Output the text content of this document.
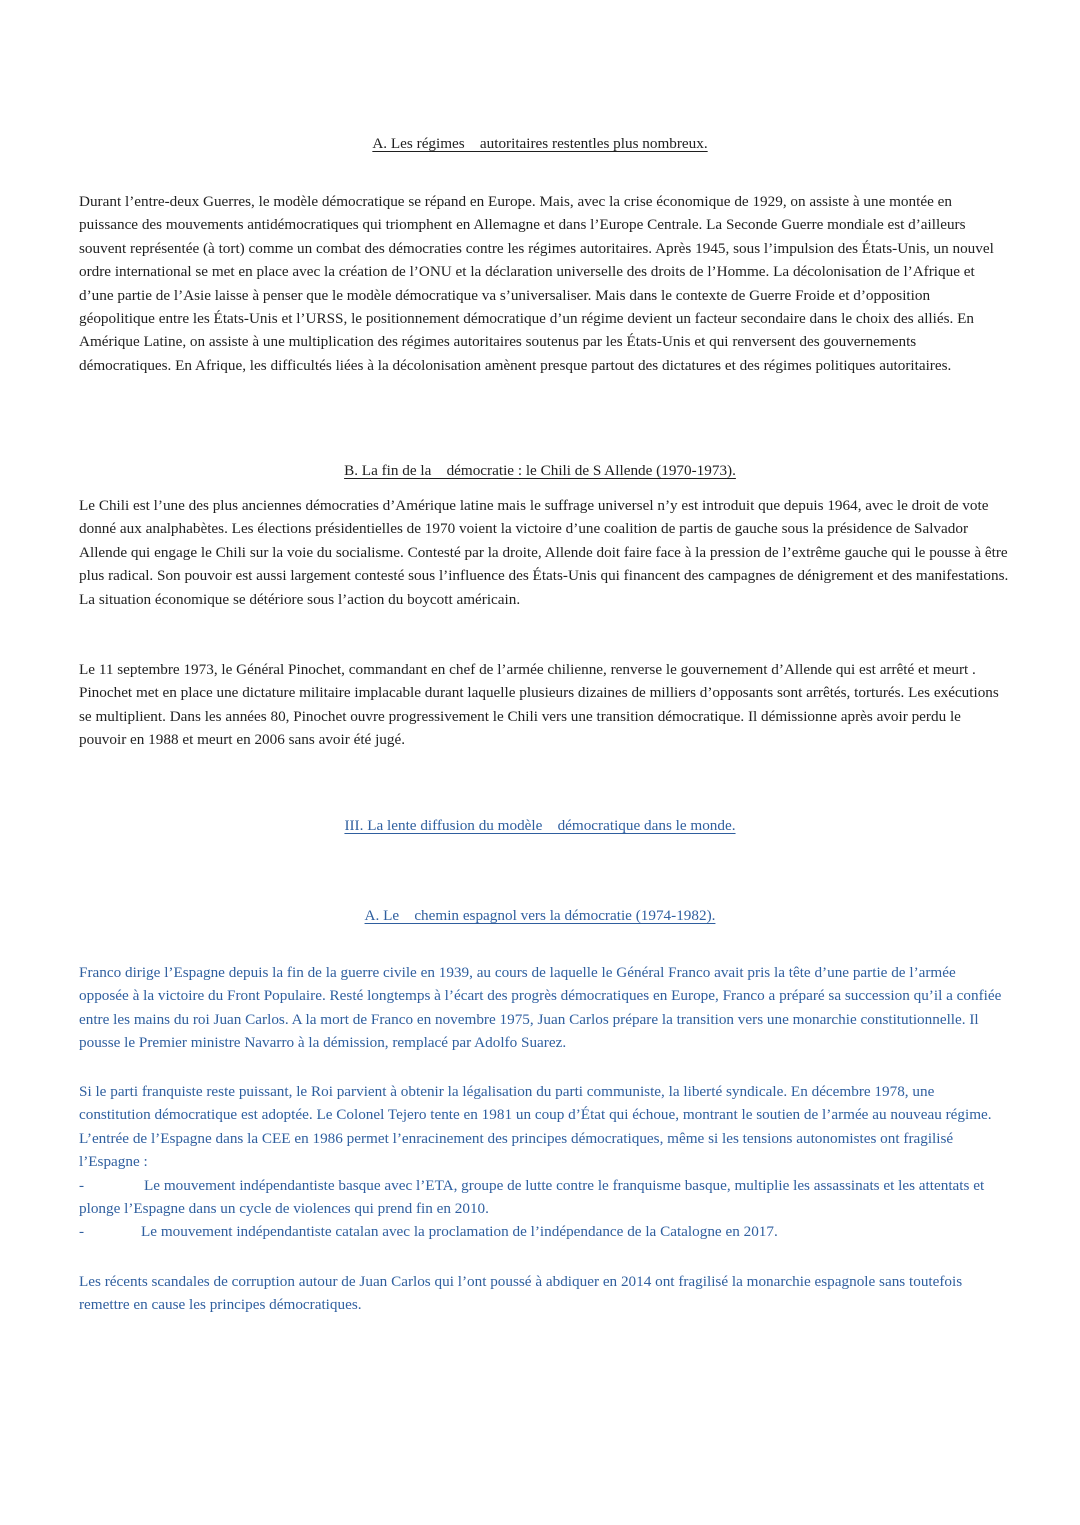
A. Les régimes    autoritaires restentles plus nombreux.

Durant l’entre-deux Guerres, le modèle démocratique se répand en Europe. Mais, avec la crise économique de 1929, on assiste à une montée en puissance des mouvements antidémocratiques qui triomphent en Allemagne et dans l’Europe Centrale. La Seconde Guerre mondiale est d’ailleurs souvent représentée (à tort) comme un combat des démocraties contre les régimes autoritaires. Après 1945, sous l’impulsion des États-Unis, un nouvel ordre international se met en place avec la création de l’ONU et la déclaration universelle des droits de l’Homme. La décolonisation de l’Afrique et d’une partie de l’Asie laisse à penser que le modèle démocratique va s’universaliser. Mais dans le contexte de Guerre Froide et d’opposition géopolitique entre les États-Unis et l’URSS, le positionnement démocratique d’un régime devient un facteur secondaire dans le choix des alliés. En Amérique Latine, on assiste à une multiplication des régimes autoritaires soutenus par les États-Unis et qui renversent des gouvernements démocratiques. En Afrique, les difficultés liées à la décolonisation amènent presque partout des dictatures et des régimes politiques autoritaires.

B. La fin de la    démocratie : le Chili de S Allende (1970-1973).

Le Chili est l’une des plus anciennes démocraties d’Amérique latine mais le suffrage universel n’y est introduit que depuis 1964, avec le droit de vote donné aux analphabètes. Les élections présidentielles de 1970 voient la victoire d’une coalition de partis de gauche sous la présidence de Salvador Allende qui engage le Chili sur la voie du socialisme. Contesté par la droite, Allende doit faire face à la pression de l’extrême gauche qui le pousse à être plus radical. Son pouvoir est aussi largement contesté sous l’influence des États-Unis qui financent des campagnes de dénigrement et des manifestations. La situation économique se détériore sous l’action du boycott américain.

Le 11 septembre 1973, le Général Pinochet, commandant en chef de l’armée chilienne, renverse le gouvernement d’Allende qui est arrêté et meurt . Pinochet met en place une dictature militaire implacable durant laquelle plusieurs dizaines de milliers d’opposants sont arrêtés, torturés. Les exécutions se multiplient. Dans les années 80, Pinochet ouvre progressivement le Chili vers une transition démocratique. Il démissionne après avoir perdu le pouvoir en 1988 et meurt en 2006 sans avoir été jugé.

III. La lente diffusion du modèle    démocratique dans le monde.
A. Le    chemin espagnol vers la démocratie (1974-1982).

Franco dirige l’Espagne depuis la fin de la guerre civile en 1939, au cours de laquelle le Général Franco avait pris la tête d’une partie de l’armée opposée à la victoire du Front Populaire. Resté longtemps à l’écart des progrès démocratiques en Europe, Franco a préparé sa succession qu’il a confiée entre les mains du roi Juan Carlos. A la mort de Franco en novembre 1975, Juan Carlos prépare la transition vers une monarchie constitutionnelle. Il pousse le Premier ministre Navarro à la démission, remplacé par Adolfo Suarez.

Si le parti franquiste reste puissant, le Roi parvient à obtenir la légalisation du parti communiste, la liberté syndicale. En décembre 1978, une constitution démocratique est adoptée. Le Colonel Tejero tente en 1981 un coup d’État qui échoue, montrant le soutien de l’armée au nouveau régime. L’entrée de l’Espagne dans la CEE en 1986 permet l’enracinement des principes démocratiques, même si les tensions autonomistes ont fragilisé l’Espagne :
-	Le mouvement indépendantiste basque avec l’ETA, groupe de lutte contre le franquisme basque, multiplie les assassinats et les attentats et plonge l’Espagne dans un cycle de violences qui prend fin en 2010.
-	Le mouvement indépendantiste catalan avec la proclamation de l’indépendance de la Catalogne en 2017.

Les récents scandales de corruption autour de Juan Carlos qui l’ont poussé à abdiquer en 2014 ont fragilisé la monarchie espagnole sans toutefois remettre en cause les principes démocratiques.
